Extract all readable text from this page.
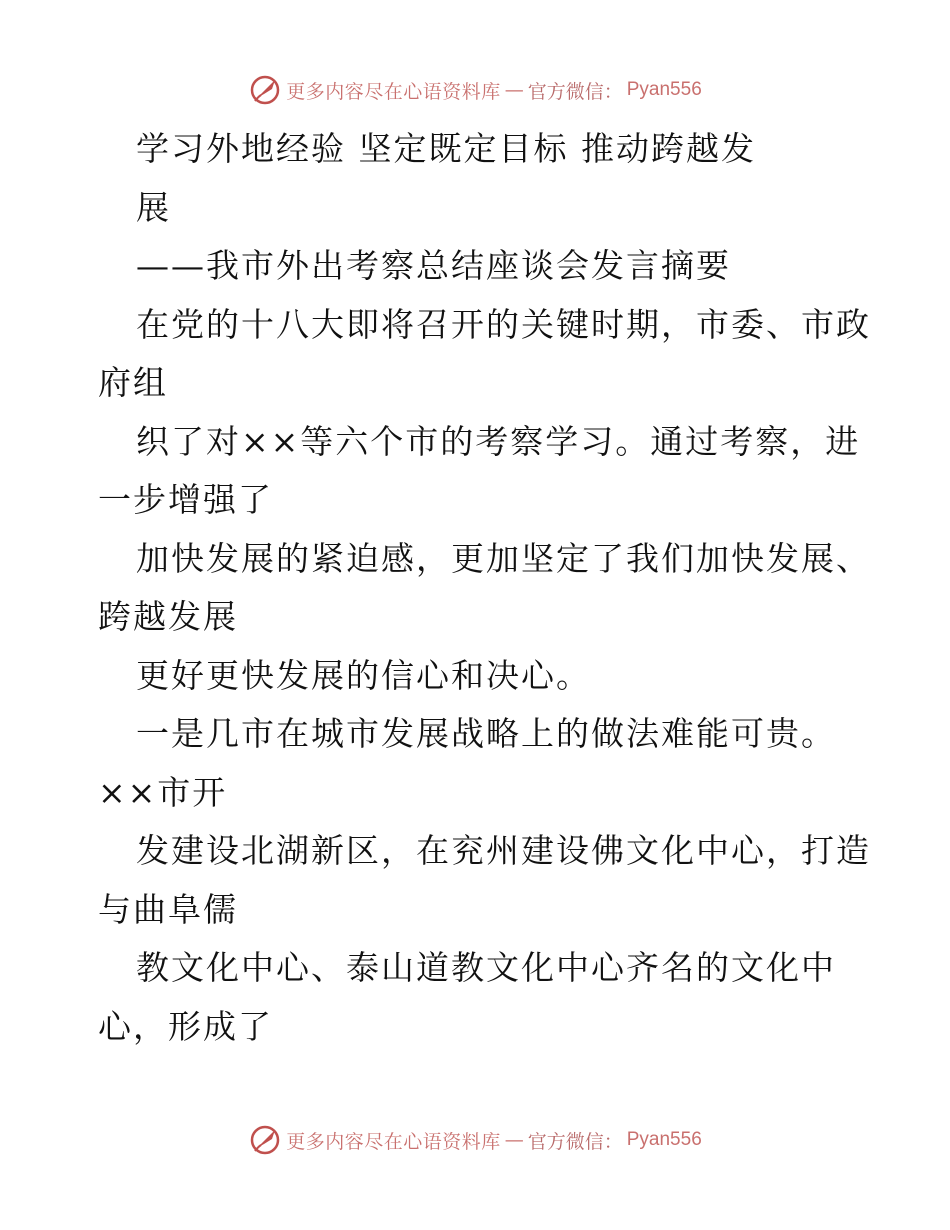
更多内容尽在心语资料库 — 官方微信： Pyan556
学习外地经验 坚定既定目标 推动跨越发
展
——我市外出考察总结座谈会发言摘要
在党的十八大即将召开的关键时期，市委、市政
府组
织了对××等六个市的考察学习。通过考察，进
一步增强了
加快发展的紧迫感，更加坚定了我们加快发展、
跨越发展
更好更快发展的信心和决心。
一是几市在城市发展战略上的做法难能可贵。
××市开
发建设北湖新区，在兖州建设佛文化中心，打造
与曲阜儒
教文化中心、泰山道教文化中心齐名的文化中
心，形成了
更多内容尽在心语资料库 — 官方微信： Pyan556
